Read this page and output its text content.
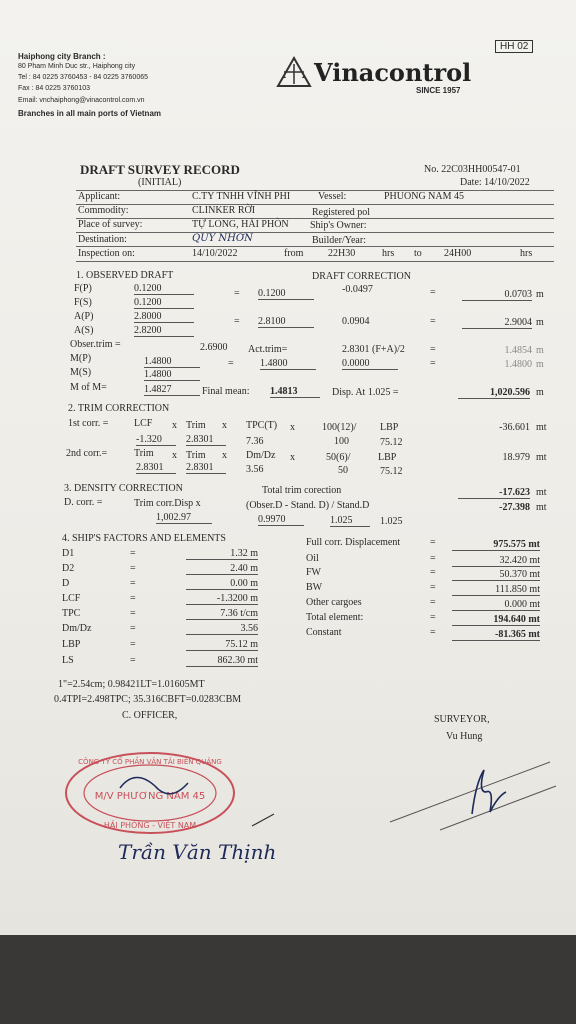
Haiphong city Branch :
80 Pham Minh Duc str., Haiphong city
Tel : 84 0225 3760453 - 84 0225 3760065
Fax : 84 0225 3760103
Email: vnchaiphong@vinacontrol.com.vn
Branches in all main ports of Vietnam
HH 02
Vinacontrol
SINCE 1957
DRAFT SURVEY RECORD
(INITIAL)
No. 22C03HH00547-01
Date: 14/10/2022
Applicant:	C.TY TNHH VĨNH PHI	Vessel:	PHUONG NAM 45
Commodity:	CLINKER RỜI	Registered pol
Place of survey:	TỰ LONG, HẢI PHÒN Ship's Owner:
Destination:	QUY NHƠN	Builder/Year:
Inspection on:	14/10/2022	from 22H30	hrs to 24H00	hrs
1. OBSERVED DRAFT	DRAFT CORRECTION
F(P)	0.1200	= 0.1200	-0.0497	=	0.0703 m
F(S)	0.1200
A(P)	2.8000	= 2.8100	0.0904	=	2.9004 m
A(S)	2.8200
Obser.trim =	2.6900 Act.trim=	2.8301 (F+A)/2	=	1.4854 m
M(P)	1.4800	=	1.4800	0.0000	=	1.4800 m
M(S)	1.4800
M of M=	1.4827	Final mean: 1.4813	Disp. At 1.025 =	1,020.596 m
2. TRIM CORRECTION
1st corr. =	LCF x Trim x TPC(T) x	100(12)/ LBP	-36.601 mt
-1.320	2.8301	7.36	100	75.12
2nd corr.=	Trim x Trim x Dm/Dz x	50(6)/	LBP	18.979 mt
2.8301	2.8301	3.56	50	75.12
3. DENSITY CORRECTION	Total trim corection	-17.623 mt
D. corr. =	Trim corr.Disp x	(Obser.D - Stand. D) / Stand.D	-27.398 mt
1,002.97	0.9970	1.025	1.025
4. SHIP'S FACTORS AND ELEMENTS
D1	=	1.32 m
D2	=	2.40 m
D	=	0.00 m
LCF	=	-1.3200 m
TPC	=	7.36 t/cm
Dm/Dz	=	3.56
LBP	=	75.12 m
LS	=	862.30 mt
Full corr. Displacement	=	975.575 mt
Oil	=	32.420 mt
FW	=	50.370 mt
BW	=	111.850 mt
Other cargoes	=	0.000 mt
Total element:	=	194.640 mt
Constant	=	-81.365 mt
1"=2.54cm; 0.98421LT=1.01605MT
0.4TPI=2.498TPC; 35.316CBFT=0.0283CBM
C. OFFICER,	SURVEYOR,
Vu Hung
CÔNG TY CỔ PHẦN VẬN TẢI BIỂN QUẢNG
M/V PHƯƠNG NAM 45
HẢI PHÒNG - VIỆT NAM
Trần Văn Thịnh
